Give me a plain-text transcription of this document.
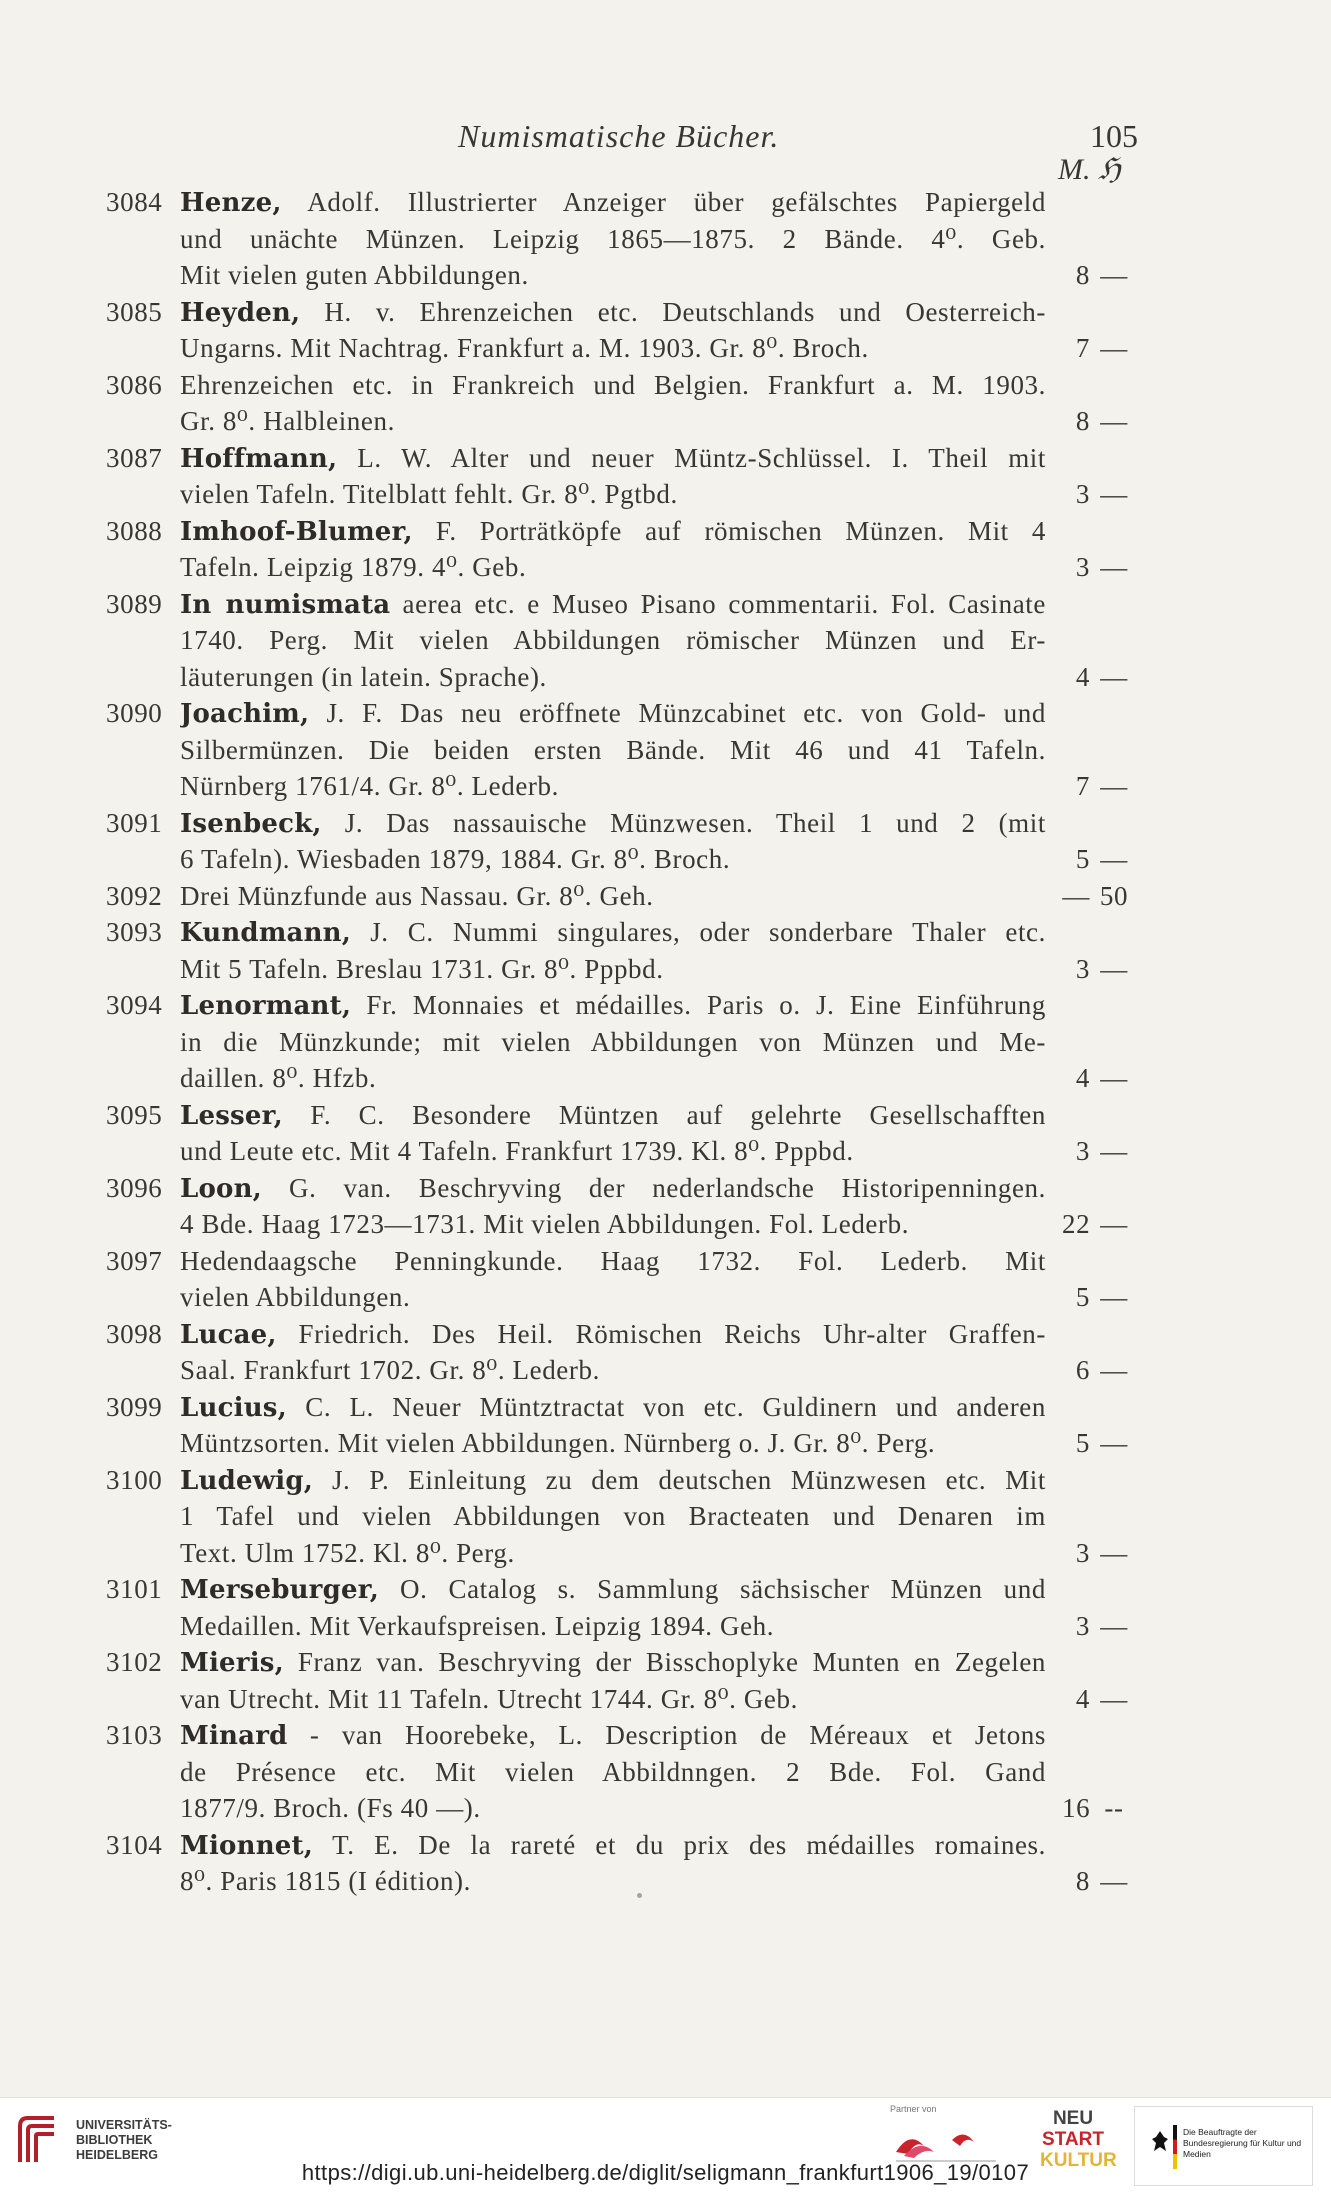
Numismatische Bücher.	105
M. ℌ
3084 Henze, Adolf. Illustrierter Anzeiger über gefälschtes Papiergeld
und unächte Münzen. Leipzig 1865—1875. 2 Bände. 4⁰. Geb.
Mit vielen guten Abbildungen.	8 —
3085 Heyden, H. v. Ehrenzeichen etc. Deutschlands und Oesterreich-
Ungarns. Mit Nachtrag. Frankfurt a. M. 1903. Gr. 8⁰. Broch.	7 —
3086 Ehrenzeichen etc. in Frankreich und Belgien. Frankfurt a. M. 1903.
Gr. 8⁰. Halbleinen.	8 —
3087 Hoffmann, L. W. Alter und neuer Müntz-Schlüssel. I. Theil mit
vielen Tafeln. Titelblatt fehlt. Gr. 8⁰. Pgtbd.	3 —
3088 Imhoof-Blumer, F. Porträtköpfe auf römischen Münzen. Mit 4
Tafeln. Leipzig 1879. 4⁰. Geb.	3 —
3089 In numismata aerea etc. e Museo Pisano commentarii. Fol. Casinate
1740. Perg. Mit vielen Abbildungen römischer Münzen und Er-
läuterungen (in latein. Sprache).	4 —
3090 Joachim, J. F. Das neu eröffnete Münzcabinet etc. von Gold- und
Silbermünzen. Die beiden ersten Bände. Mit 46 und 41 Tafeln.
Nürnberg 1761/4. Gr. 8⁰. Lederb.	7 —
3091 Isenbeck, J. Das nassauische Münzwesen. Theil 1 und 2 (mit
6 Tafeln). Wiesbaden 1879, 1884. Gr. 8⁰. Broch.	5 —
3092 Drei Münzfunde aus Nassau. Gr. 8⁰. Geh.	— 50
3093 Kundmann, J. C. Nummi singulares, oder sonderbare Thaler etc.
Mit 5 Tafeln. Breslau 1731. Gr. 8⁰. Pppbd.	3 —
3094 Lenormant, Fr. Monnaies et médailles. Paris o. J. Eine Einführung
in die Münzkunde; mit vielen Abbildungen von Münzen und Me-
daillen. 8⁰. Hfzb.	4 —
3095 Lesser, F. C. Besondere Müntzen auf gelehrte Gesellschafften
und Leute etc. Mit 4 Tafeln. Frankfurt 1739. Kl. 8⁰. Pppbd.	3 —
3096 Loon, G. van. Beschryving der nederlandsche Historipenningen.
4 Bde. Haag 1723—1731. Mit vielen Abbildungen. Fol. Lederb.	22 —
3097 Hedendaagsche Penningkunde. Haag 1732. Fol. Lederb. Mit
vielen Abbildungen.	5 —
3098 Lucae, Friedrich. Des Heil. Römischen Reichs Uhr-alter Graffen-
Saal. Frankfurt 1702. Gr. 8⁰. Lederb.	6 —
3099 Lucius, C. L. Neuer Müntztractat von etc. Guldinern und anderen
Müntzsorten. Mit vielen Abbildungen. Nürnberg o. J. Gr. 8⁰. Perg.	5 —
3100 Ludewig, J. P. Einleitung zu dem deutschen Münzwesen etc. Mit
1 Tafel und vielen Abbildungen von Bracteaten und Denaren im
Text. Ulm 1752. Kl. 8⁰. Perg.	3 —
3101 Merseburger, O. Catalog s. Sammlung sächsischer Münzen und
Medaillen. Mit Verkaufspreisen. Leipzig 1894. Geh.	3 —
3102 Mieris, Franz van. Beschryving der Bisschoplyke Munten en Zegelen
van Utrecht. Mit 11 Tafeln. Utrecht 1744. Gr. 8⁰. Geb.	4 —
3103 Minard - van Hoorebeke, L. Description de Méreaux et Jetons
de Présence etc. Mit vielen Abbildnngen. 2 Bde. Fol. Gand
1877/9. Broch. (Fs 40 —).	16 --
3104 Mionnet, T. E. De la rareté et du prix des médailles romaines.
8⁰. Paris 1815 (I édition).	8 —
UNIVERSITÄTS-
BIBLIOTHEK
HEIDELBERG
Partner von	NEU
START
KULTUR
Die Beauftragte der Bundesregierung für Kultur und Medien
https://digi.ub.uni-heidelberg.de/diglit/seligmann_frankfurt1906_19/0107
